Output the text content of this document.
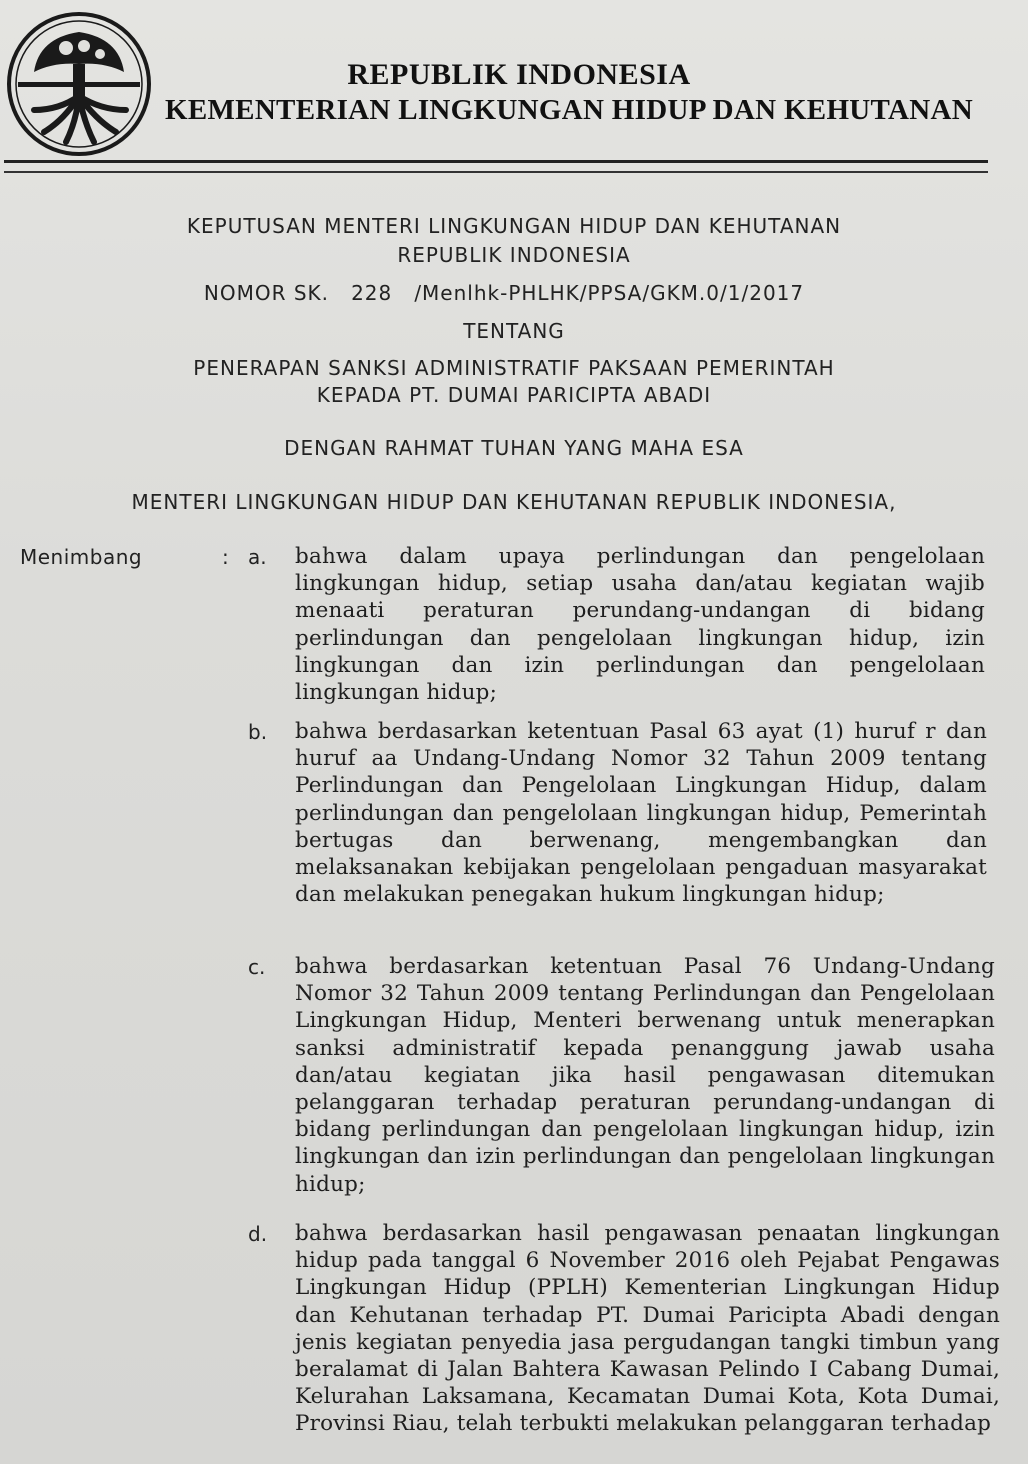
REPUBLIK INDONESIA
KEMENTERIAN LINGKUNGAN HIDUP DAN KEHUTANAN
KEPUTUSAN MENTERI LINGKUNGAN HIDUP DAN KEHUTANAN
REPUBLIK INDONESIA
NOMOR SK.   228   /Menlhk-PHLHK/PPSA/GKM.0/1/2017
TENTANG
PENERAPAN SANKSI ADMINISTRATIF PAKSAAN PEMERINTAH
KEPADA PT. DUMAI PARICIPTA ABADI
DENGAN RAHMAT TUHAN YANG MAHA ESA
MENTERI LINGKUNGAN HIDUP DAN KEHUTANAN REPUBLIK INDONESIA,
Menimbang	: a. bahwa dalam upaya perlindungan dan pengelolaan lingkungan hidup, setiap usaha dan/atau kegiatan wajib menaati peraturan perundang-undangan di bidang perlindungan dan pengelolaan lingkungan hidup, izin lingkungan dan izin perlindungan dan pengelolaan lingkungan hidup;
b. bahwa berdasarkan ketentuan Pasal 63 ayat (1) huruf r dan huruf aa Undang-Undang Nomor 32 Tahun 2009 tentang Perlindungan dan Pengelolaan Lingkungan Hidup, dalam perlindungan dan pengelolaan lingkungan hidup, Pemerintah bertugas dan berwenang, mengembangkan dan melaksanakan kebijakan pengelolaan pengaduan masyarakat dan melakukan penegakan hukum lingkungan hidup;
c. bahwa berdasarkan ketentuan Pasal 76 Undang-Undang Nomor 32 Tahun 2009 tentang Perlindungan dan Pengelolaan Lingkungan Hidup, Menteri berwenang untuk menerapkan sanksi administratif kepada penanggung jawab usaha dan/atau kegiatan jika hasil pengawasan ditemukan pelanggaran terhadap peraturan perundang-undangan di bidang perlindungan dan pengelolaan lingkungan hidup, izin lingkungan dan izin perlindungan dan pengelolaan lingkungan hidup;
d. bahwa berdasarkan hasil pengawasan penaatan lingkungan hidup pada tanggal 6 November 2016 oleh Pejabat Pengawas Lingkungan Hidup (PPLH) Kementerian Lingkungan Hidup dan Kehutanan terhadap PT. Dumai Paricipta Abadi dengan jenis kegiatan penyedia jasa pergudangan tangki timbun yang beralamat di Jalan Bahtera Kawasan Pelindo I Cabang Dumai, Kelurahan Laksamana, Kecamatan Dumai Kota, Kota Dumai, Provinsi Riau, telah terbukti melakukan pelanggaran terhadap
